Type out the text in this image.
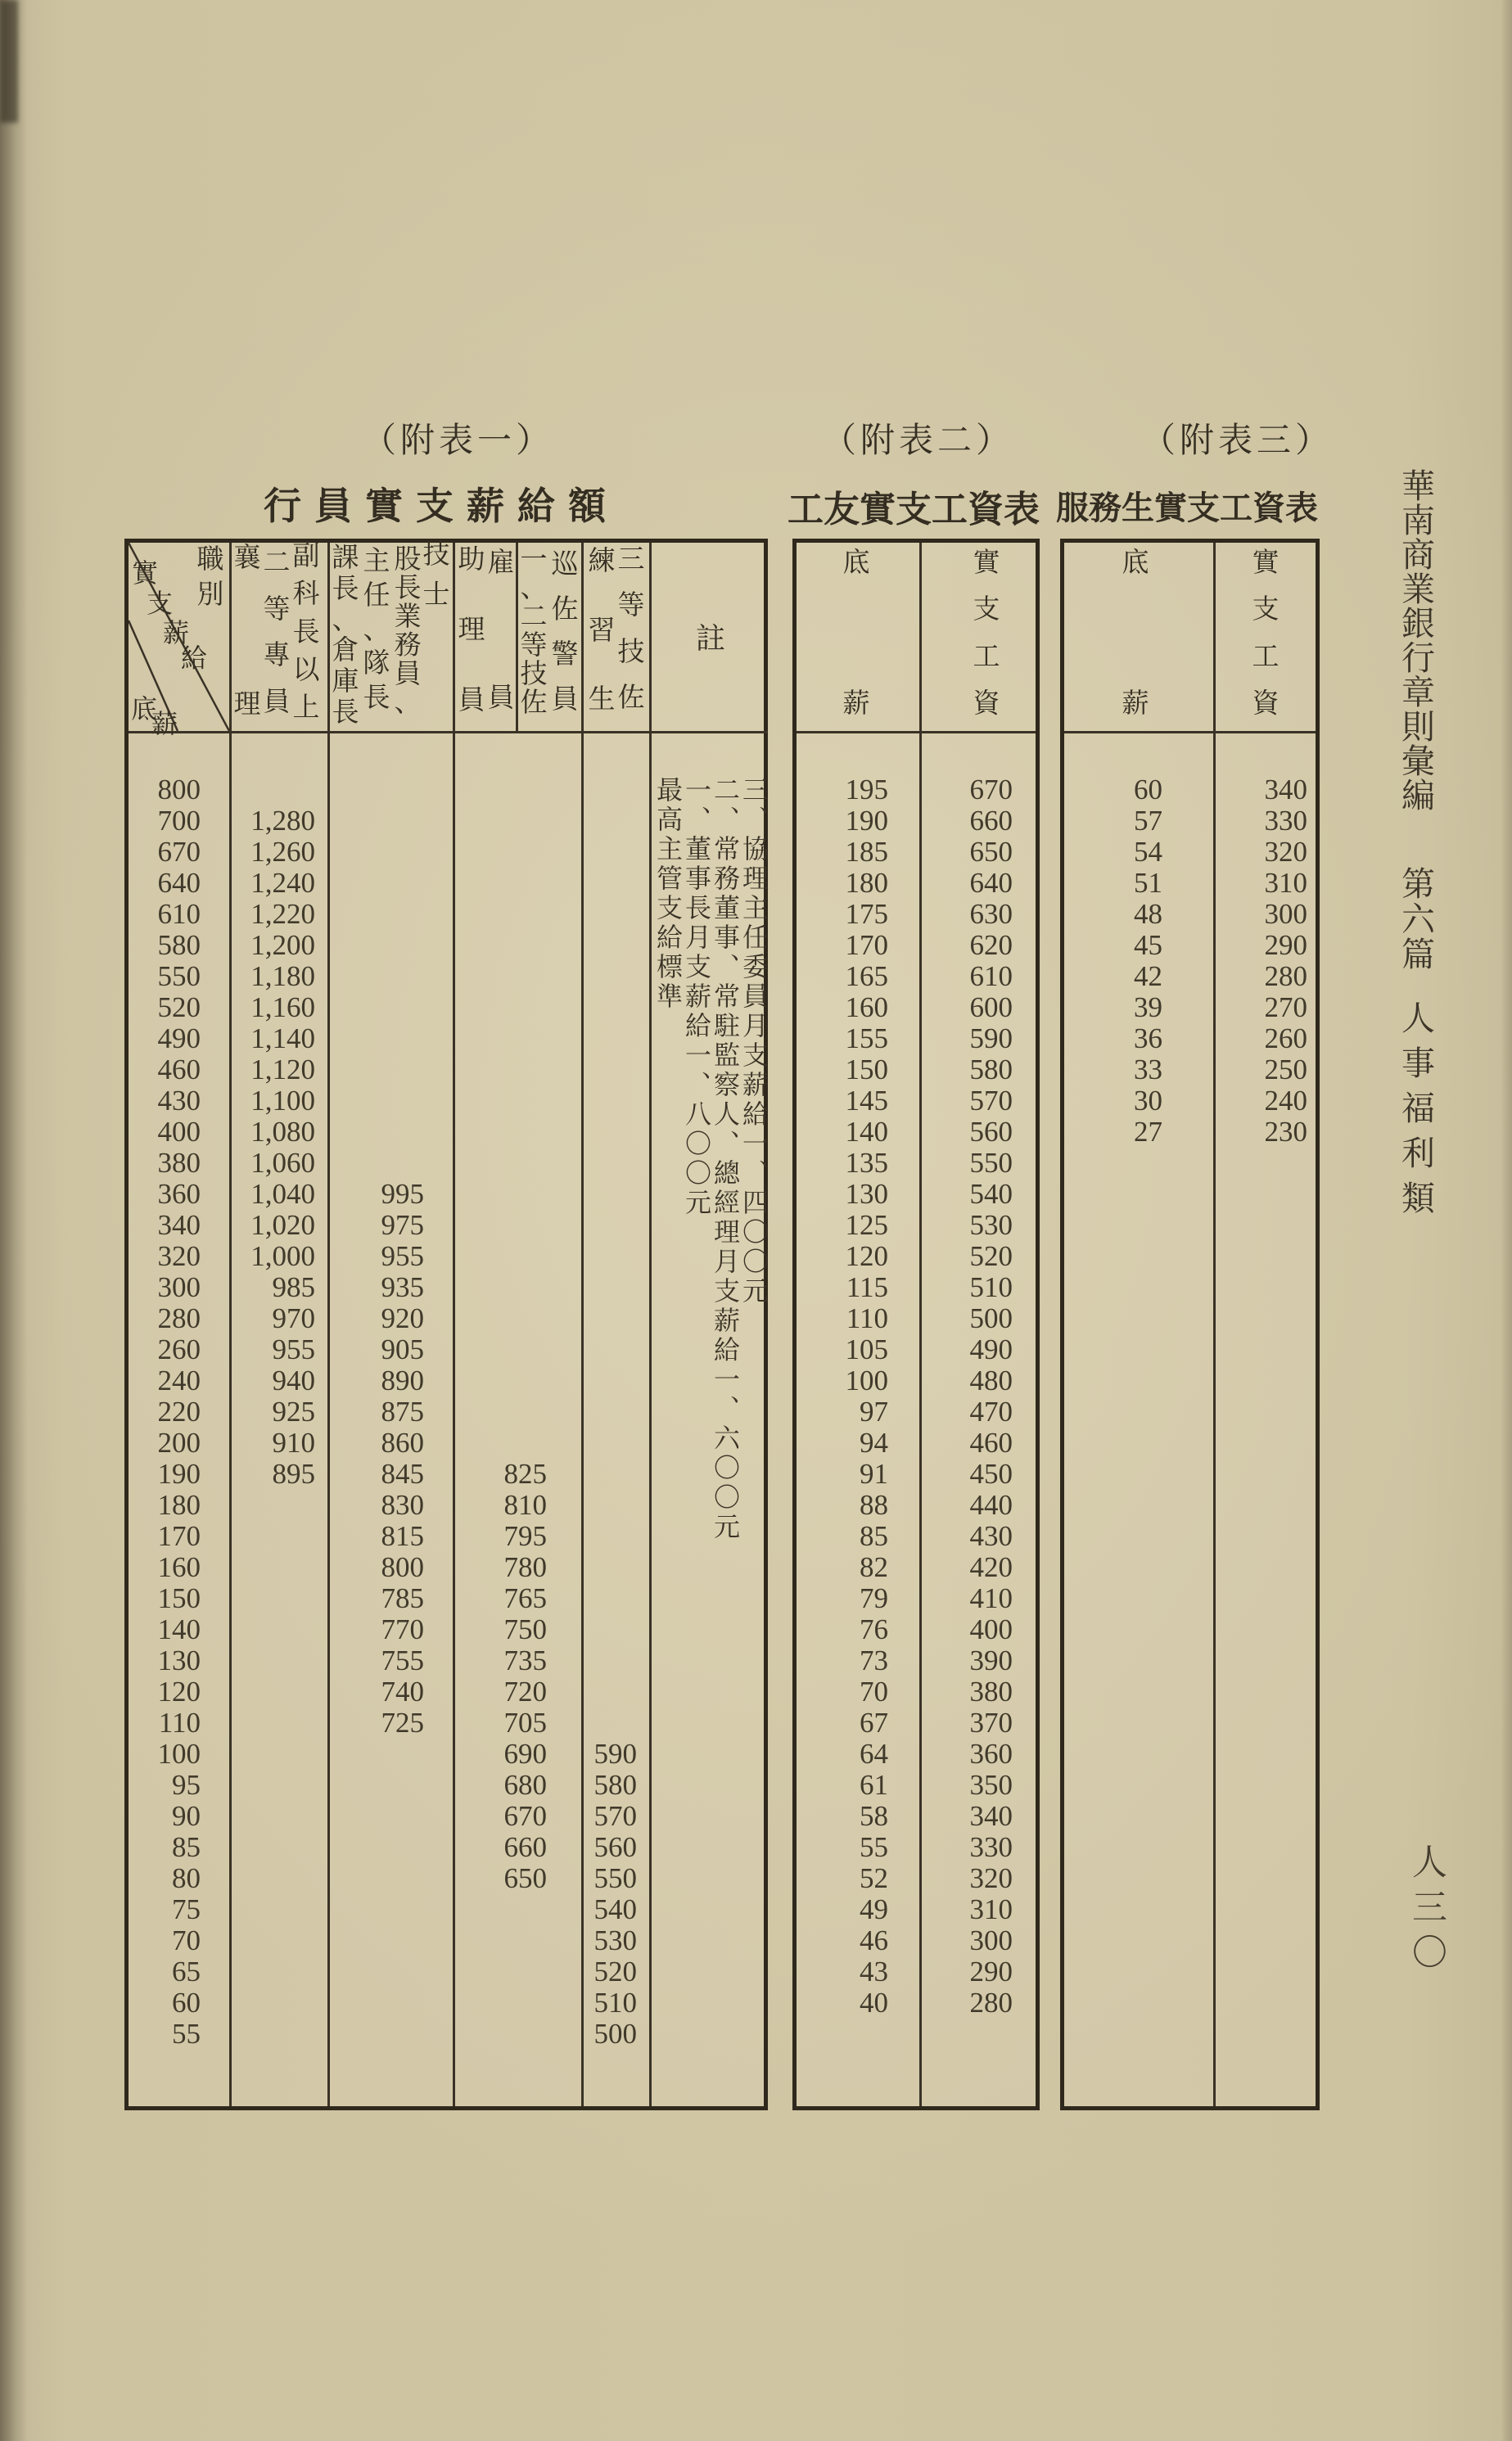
（附表一）
行員實支薪給額
（附表二）
工友實支工資表
（附表三）
服務生實支工資表 華南商業銀行章則彙編
第六篇
人事福利類
人三〇
職
別
實
支
薪
給
底
薪
襄
理
二
等
專
員
副
科
長
以
上
課
長
、
倉
庫
長
主
任
、
隊
長
股
長
業
務
員
、
技
士
助
理
員
雇
員
一
、
二
等
技
佐
巡
佐
警
員
練
習
生
三
等
技
佐
註
800
700
670
640
610
580
550
520
490
460
430
400
380
360
340
320
300
280
260
240
220
200
190
180
170
160
150
140
130
120
110
100
95
90
85
80
75
70
65
60
55
1,280
1,260
1,240
1,220
1,200
1,180
1,160
1,140
1,120
1,100
1,080
1,060
1,040
1,020
1,000
985
970
955
940
925
910
895
995
975
955
935
920
905
890
875
860
845
830
815
800
785
770
755
740
725
825
810
795
780
765
750
735
720
705
690
680
670
660
650
590
580
570
560
550
540
530
520
510
500
最高主管支給標準 一、董事長月支薪給一、八〇〇元 二、常務董事、常駐監察人、總經理月支薪給一、六〇〇元 三、協理主任委員月支薪給一、四〇〇元
底
薪
實
支
工
資
195
190
185
180
175
170
165
160
155
150
145
140
135
130
125
120
115
110
105
100
97
94
91
88
85
82
79
76
73
70
67
64
61
58
55
52
49
46
43
40
670
660
650
640
630
620
610
600
590
580
570
560
550
540
530
520
510
500
490
480
470
460
450
440
430
420
410
400
390
380
370
360
350
340
330
320
310
300
290
280
底
薪
實
支
工
資
60
57
54
51
48
45
42
39
36
33
30
27
340
330
320
310
300
290
280
270
260
250
240
230
